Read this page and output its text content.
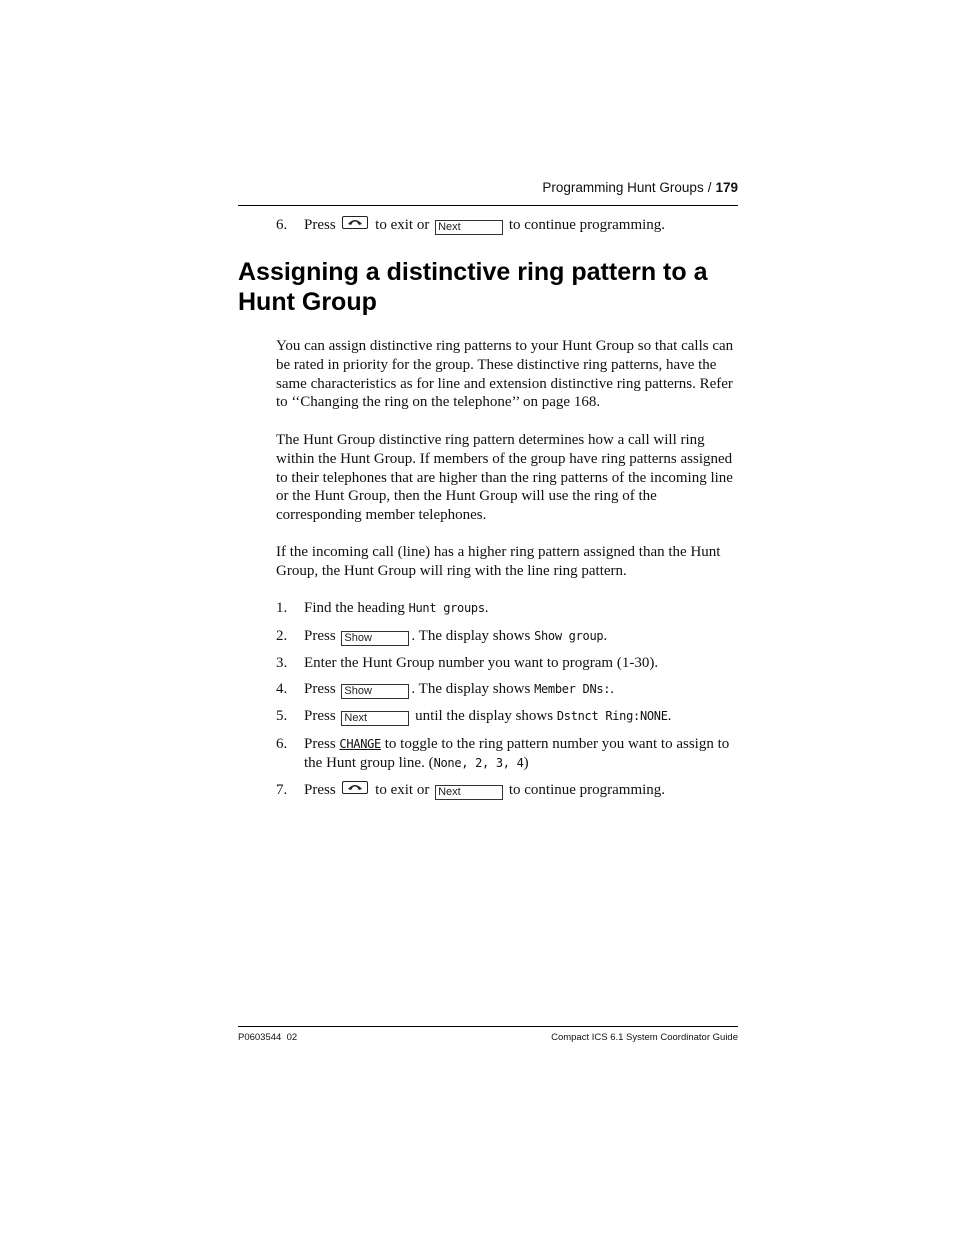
Programming Hunt Groups / 179
6. Press	to exit or Next	to continue programming.
Assigning a distinctive ring pattern to a Hunt Group

You can assign distinctive ring patterns to your Hunt Group so that calls can be rated in priority for the group. These distinctive ring patterns, have the same characteristics as for line and extension distinctive ring patterns. Refer to ‘‘Changing the ring on the telephone’’ on page 168.

The Hunt Group distinctive ring pattern determines how a call will ring within the Hunt Group. If members of the group have ring patterns assigned to their telephones that are higher than the ring patterns of the incoming line or the Hunt Group, then the Hunt Group will use the ring of the corresponding member telephones.

If the incoming call (line) has a higher ring pattern assigned than the Hunt Group, the Hunt Group will ring with the line ring pattern.

1. Find the heading Hunt groups.
2. Press Show	. The display shows Show group.
3. Enter the Hunt Group number you want to program (1-30).
4. Press Show	. The display shows Member DNs:.
5. Press Next	until the display shows Dstnct Ring:NONE.
6. Press CHANGE to toggle to the ring pattern number you want to assign to the Hunt group line. (None, 2, 3, 4)
7. Press	to exit or Next	to continue programming.
P0603544  02	Compact ICS 6.1 System Coordinator Guide
